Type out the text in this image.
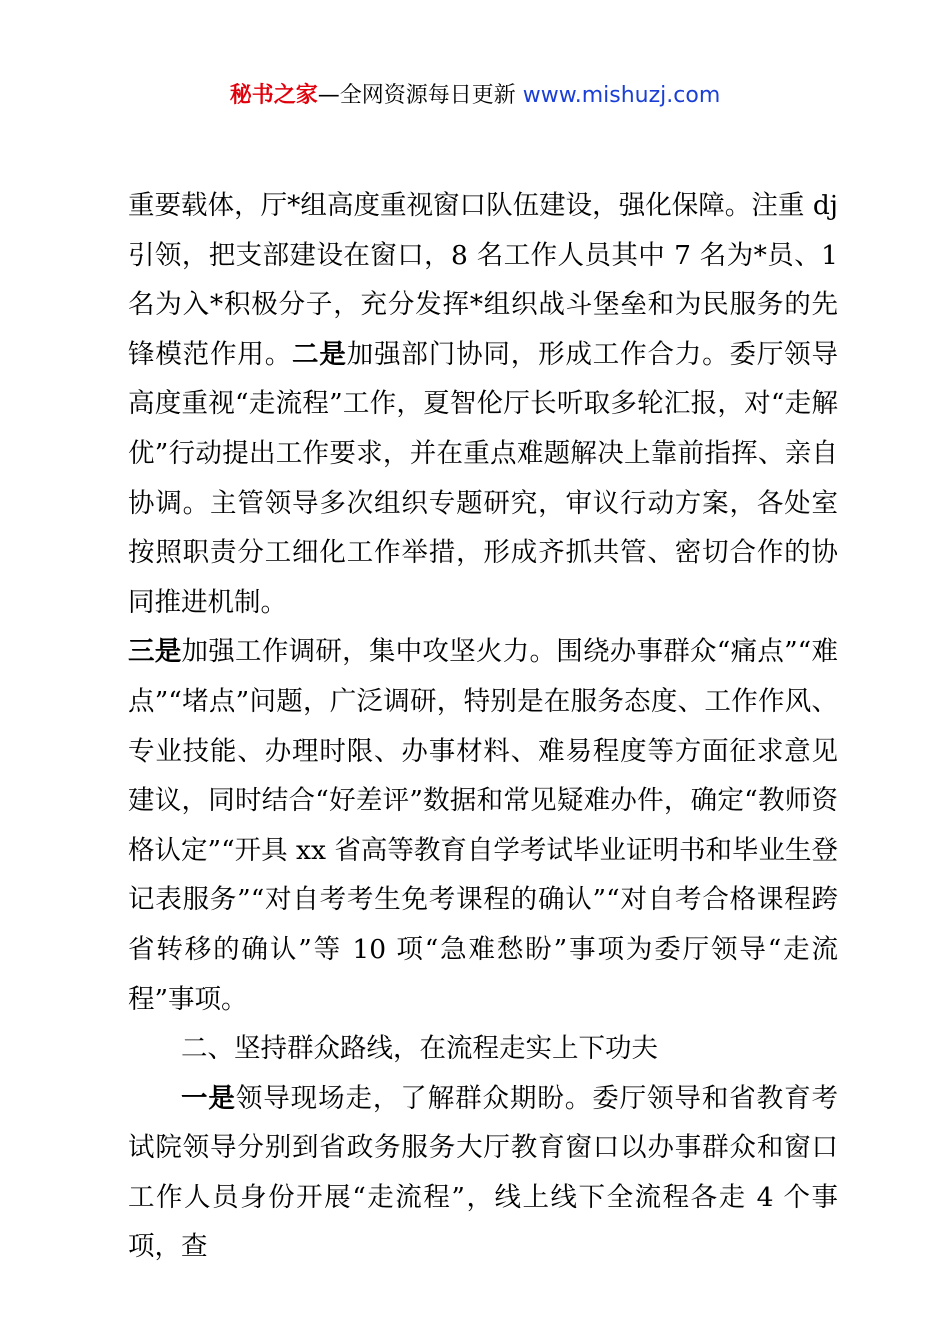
秘书之家—全网资源每日更新 www.mishuzj.com

重要载体，厅*组高度重视窗口队伍建设，强化保障。注重 dj 引领，把支部建设在窗口，8 名工作人员其中 7 名为*员、1 名为入*积极分子，充分发挥*组织战斗堡垒和为民服务的先锋模范作用。二是加强部门协同，形成工作合力。委厅领导高度重视“走流程”工作，夏智伦厅长听取多轮汇报，对“走解优”行动提出工作要求，并在重点难题解决上靠前指挥、亲自协调。主管领导多次组织专题研究，审议行动方案，各处室按照职责分工细化工作举措，形成齐抓共管、密切合作的协同推进机制。

三是加强工作调研，集中攻坚火力。围绕办事群众“痛点”“难点”“堵点”问题，广泛调研，特别是在服务态度、工作作风、专业技能、办理时限、办事材料、难易程度等方面征求意见建议，同时结合“好差评”数据和常见疑难办件，确定“教师资格认定”“开具 xx 省高等教育自学考试毕业证明书和毕业生登记表服务”“对自考考生免考课程的确认”“对自考合格课程跨省转移的确认”等 10 项“急难愁盼”事项为委厅领导“走流程”事项。

二、坚持群众路线，在流程走实上下功夫

一是领导现场走，了解群众期盼。委厅领导和省教育考试院领导分别到省政务服务大厅教育窗口以办事群众和窗口工作人员身份开展“走流程”，线上线下全流程各走 4 个事项，查
